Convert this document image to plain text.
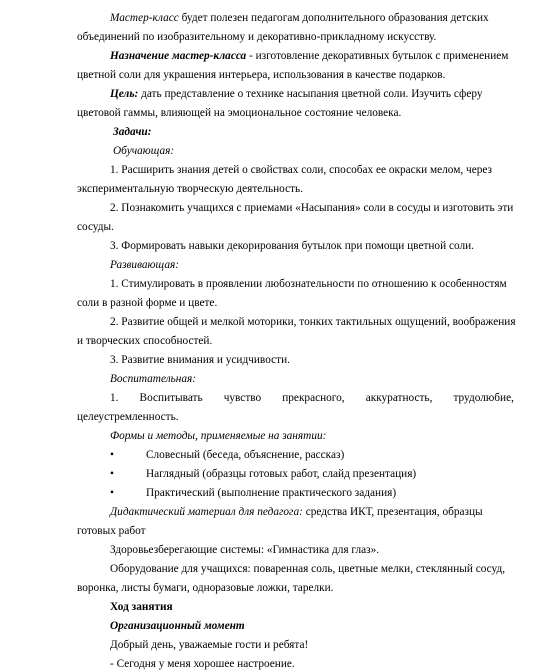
Мастер-класс будет полезен педагогам дополнительного образования детских
объединений по изобразительному и декоративно-прикладному искусству.
Назначение мастер-класса - изготовление декоративных бутылок с применением
цветной соли для украшения интерьера, использования в качестве подарков.
Цель: дать представление о технике насыпания цветной соли. Изучить сферу
цветовой гаммы, влияющей на эмоциональное состояние человека.
Задачи:
Обучающая:
1. Расширить знания детей о свойствах соли, способах ее окраски мелом, через
экспериментальную творческую деятельность.
2. Познакомить учащихся с приемами «Насыпания» соли в сосуды и изготовить эти
сосуды.
3. Формировать навыки декорирования бутылок при помощи цветной соли.
Развивающая:
1. Стимулировать в проявлении любознательности по отношению к особенностям
соли в разной форме и цвете.
2. Развитие общей и мелкой моторики, тонких тактильных ощущений, воображения
и творческих способностей.
3. Развитие внимания и усидчивости.
Воспитательная:
1. Воспитывать чувство прекрасного, аккуратность, трудолюбие,
целеустремленность.
Формы и методы, применяемые на занятии:
•	Словесный (беседа, объяснение, рассказ)
•	Наглядный (образцы готовых работ, слайд презентация)
•	Практический (выполнение практического задания)
Дидактический материал для педагога: средства ИКТ, презентация, образцы
готовых работ
Здоровьезберегающие системы: «Гимнастика для глаз».
Оборудование для учащихся: поваренная соль, цветные мелки, стеклянный сосуд,
воронка, листы бумаги, одноразовые ложки, тарелки.
Ход занятия
Организационный момент
Добрый день, уважаемые гости и ребята!
- Сегодня у меня хорошее настроение.
